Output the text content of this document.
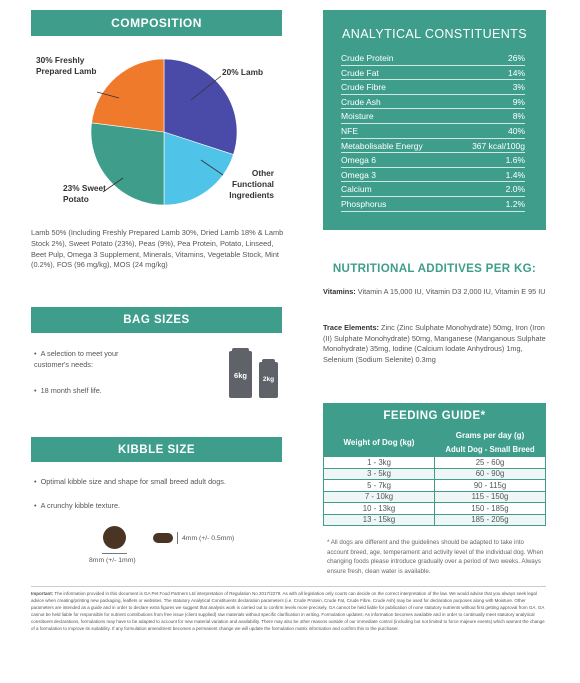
COMPOSITION
30% Freshly
Prepared Lamb	20% Lamb
23% Sweet
Potato
Other
Functional
Ingredients
Lamb 50% (Including Freshly Prepared Lamb 30%, Dried Lamb 18% & Lamb Stock 2%), Sweet Potato (23%), Peas (9%), Pea Protein, Potato, Linseed, Beet Pulp, Omega 3 Supplement, Minerals, Vitamins, Vegetable Stock, Mint (0.2%), FOS (96 mg/kg), MOS (24 mg/kg)
ANALYTICAL CONSTITUENTS
Crude Protein	26%
Crude Fat	14%
Crude Fibre	3%
Crude Ash	9%
Moisture	8%
NFE	40%
Metabolisable Energy	367 kcal/100g
Omega 6	1.6%
Omega 3	1.4%
Calcium	2.0%
Phosphorus	1.2%
NUTRITIONAL ADDITIVES PER KG:
Vitamins: Vitamin A 15,000 IU, Vitamin D3 2,000 IU, Vitamin E 95 IU
Trace Elements: Zinc (Zinc Sulphate Monohydrate) 50mg, Iron (Iron (II) Sulphate Monohydrate) 50mg, Manganese (Manganous Sulphate Monohydrate) 35mg, Iodine (Calcium Iodate Anhydrous) 1mg, Selenium (Sodium Selenite) 0.3mg
BAG SIZES
• A selection to meet your customer's needs:
• 18 month shelf life.
6kg	2kg
KIBBLE SIZE
• Optimal kibble size and shape for small breed adult dogs.
• A crunchy kibble texture.
8mm (+/- 1mm)
4mm (+/- 0.5mm)
FEEDING GUIDE*
Weight of Dog (kg)	Grams per day (g)
	Adult Dog - Small Breed
1 - 3kg	25 - 60g
3 - 5kg	60 - 90g
5 - 7kg	90 - 115g
7 - 10kg	115 - 150g
10 - 13kg	150 - 185g
13 - 15kg	185 - 205g
* All dogs are different and the guidelines should be adapted to take into account breed, age, temperament and activity level of the individual dog. When changing foods please introduce gradually over a period of two weeks. Always ensure fresh, clean water is available.
Important: The information provided in this document is GA Pet Food Partners Ltd interpretation of Regulation No 2017/2279. As with all legislation only courts can decide on the correct interpretation of the law. We would advise that you always seek legal advice when creating/printing new packaging, leaflets or websites. The statutory Analytical Constituents declaration parameters (i.e. Crude Protein, Crude Fat, Crude Fibre, Crude Ash) may be used for declaration purposes along with Moisture. Other parameters are intended as a guide and in order to declare extra figures we suggest that analysis work is carried out to confirm levels more precisely. GA cannot be held liable for publication of none statutory nutrients without first getting approval from GA. GA cannot be held liable for responsible for nutrient contributions from free issue (client supplied) raw materials without specific clarification in writing. Formulation updates: As information becomes available and in order to continually meet statutory analytical constituent declarations, formulations may have to be adapted to account for new material variation and availability. There may also be other reasons outside of our immediate control (including but not limited to force majeure events) which warrant the change of a formulation to improve its suitability. If any formulation amendment becomes a permanent change we will update the formulation matrix information and confirm this to the purchaser.
